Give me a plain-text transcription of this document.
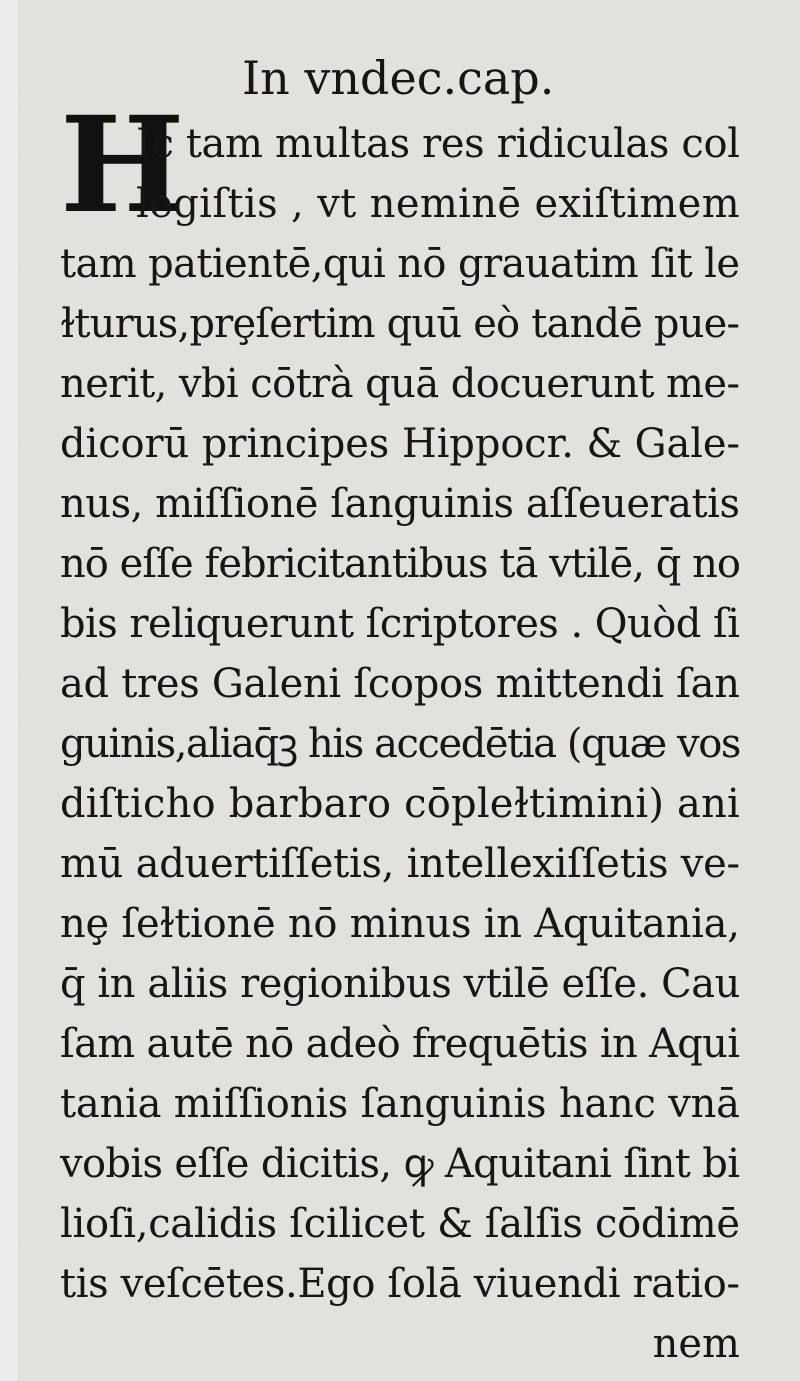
In vndec.cap.
H
Ic tam multas res ridiculas col
legiſtis , vt neminē exiſtimem
tam patientē,qui nō grauatim ſit le
ɫturus,prȩſertim quū eò tandē pue-
nerit, vbi cōtrà quā docuerunt me-
dicorū principes Hippocr. & Gale-
nus, miſſionē ſanguinis aſſeueratis
nō eſſe febricitantibus tā vtilē, q̄ no
bis reliquerunt ſcriptores . Quòd ſi
ad tres Galeni ſcopos mittendi ſan
guinis,aliaq̄ꝫ his accedētia (quæ vos
diſticho barbaro cōpleɫtimini) ani
mū aduertiſſetis, intellexiſſetis ve-
nȩ ſeɫtionē nō minus in Aquitania,
q̄ in aliis regionibus vtilē eſſe. Cau
ſam autē nō adeò frequētis in Aqui
tania miſſionis ſanguinis hanc vnā
vobis eſſe dicitis, ꝙ Aquitani ſint bi
lioſi,calidis ſcilicet & ſalſis cōdimē
tis veſcētes.Ego ſolā viuendi ratio-
nem
